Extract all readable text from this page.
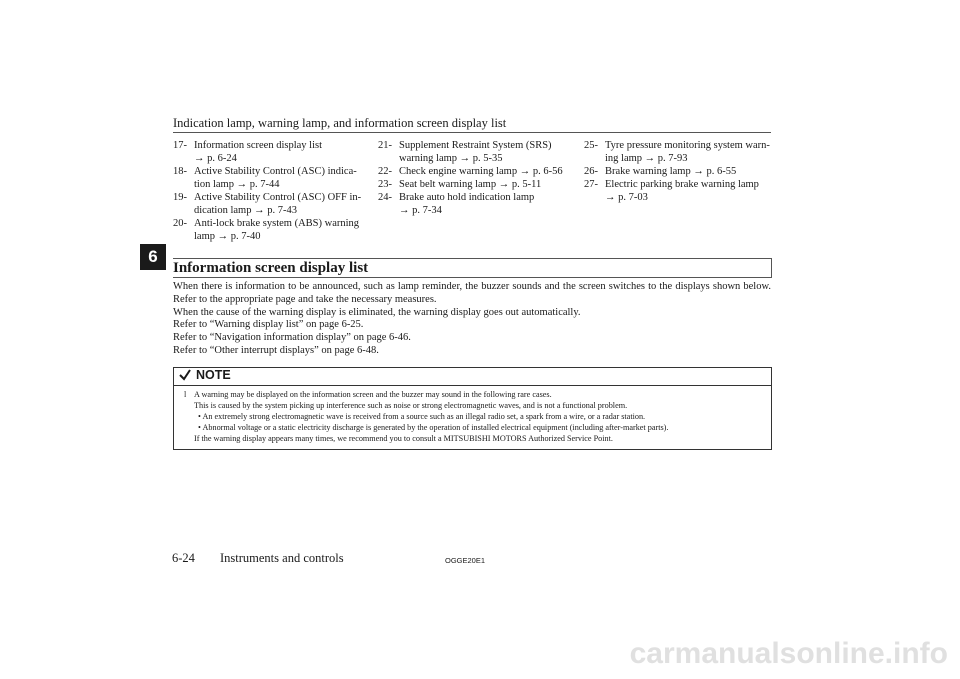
Indication lamp, warning lamp, and information screen display list
6
17- Information screen display list
→ p. 6-24
18- Active Stability Control (ASC) indica-
tion lamp → p. 7-44
19- Active Stability Control (ASC) OFF in-
dication lamp → p. 7-43
20- Anti-lock brake system (ABS) warning
lamp → p. 7-40
21- Supplement Restraint System (SRS)
warning lamp → p. 5-35
22- Check engine warning lamp → p. 6-56
23- Seat belt warning lamp → p. 5-11
24- Brake auto hold indication lamp
→ p. 7-34
25- Tyre pressure monitoring system warn-
ing lamp → p. 7-93
26- Brake warning lamp → p. 6-55
27- Electric parking brake warning lamp
→ p. 7-03
Information screen display list

When there is information to be announced, such as lamp reminder, the buzzer sounds and the screen switches to the displays shown below. Refer to the appropriate page and take the necessary measures.

When the cause of the warning display is eliminated, the warning display goes out automatically.

Refer to “Warning display list” on page 6-25.

Refer to “Navigation information display” on page 6-46.

Refer to “Other interrupt displays” on page 6-48.

NOTE

l A warning may be displayed on the information screen and the buzzer may sound in the following rare cases.

This is caused by the system picking up interference such as noise or strong electromagnetic waves, and is not a functional problem.

• An extremely strong electromagnetic wave is received from a source such as an illegal radio set, a spark from a wire, or a radar station.

• Abnormal voltage or a static electricity discharge is generated by the operation of installed electrical equipment (including after-market parts).

If the warning display appears many times, we recommend you to consult a MITSUBISHI MOTORS Authorized Service Point.

6-24 Instruments and controls	OGGE20E1
carmanualsonline.info
